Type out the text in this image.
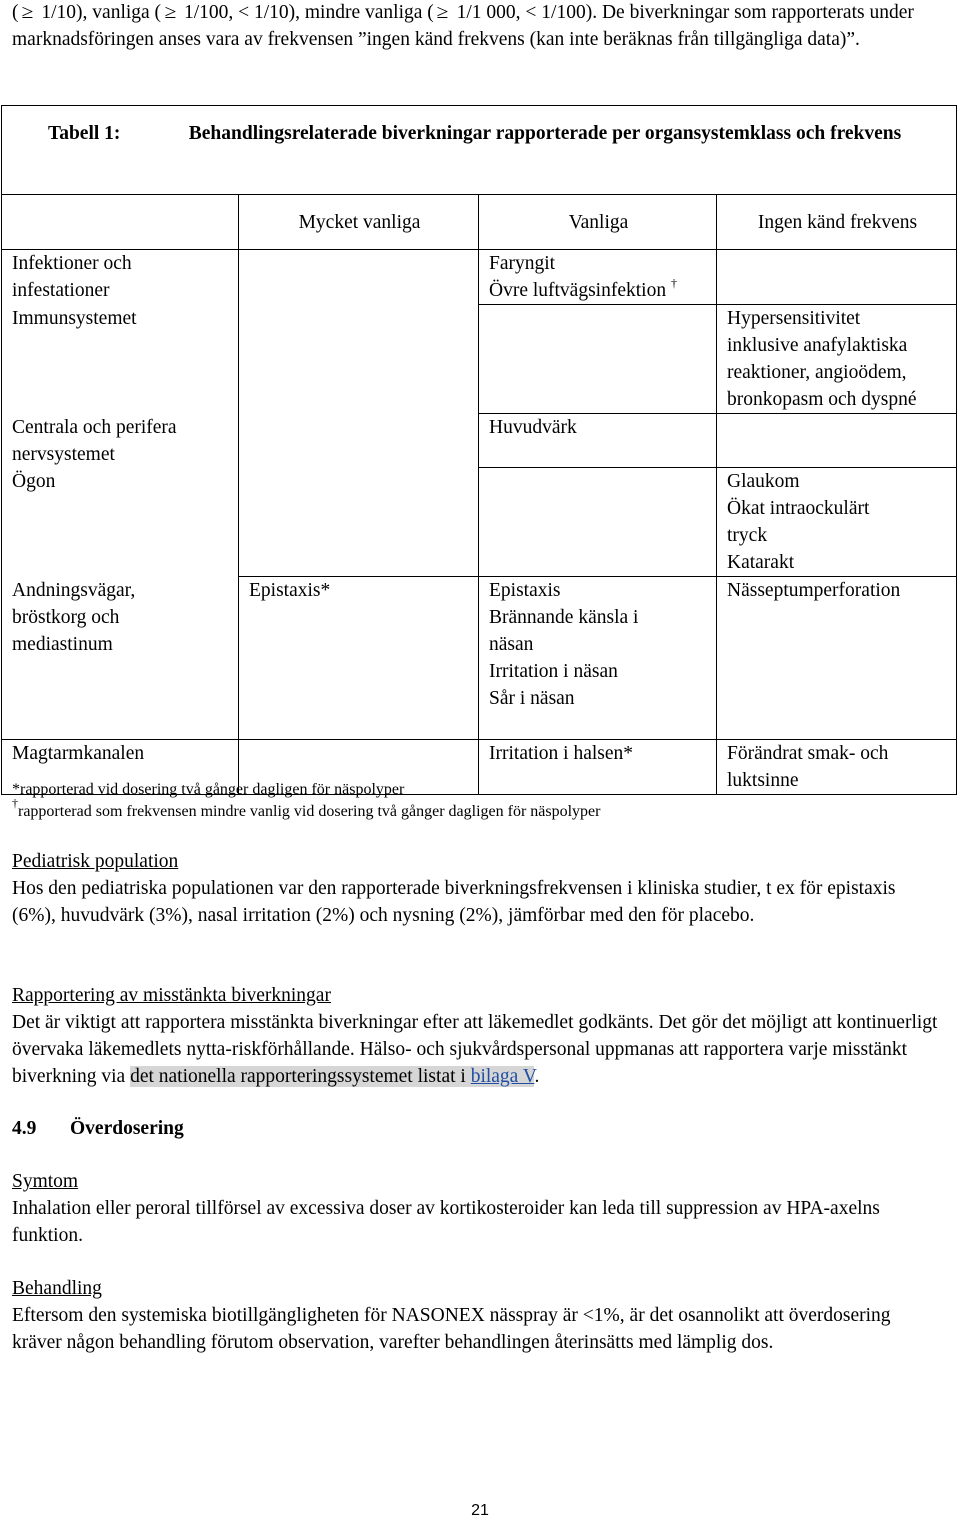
( ≥ 1/10), vanliga ( ≥ 1/100, < 1/10), mindre vanliga ( ≥ 1/1 000, < 1/100). De biverkningar som rapporterats under marknadsföringen anses vara av frekvensen ”ingen känd frekvens (kan inte beräknas från tillgängliga data)”.

	Mycket vanliga	Vanliga	Ingen känd frekvens

Infektioner och
infestationer		Faryngit
Övre luftvägsinfektion †

Immunsystemet			Hypersensitivitet
inklusive anafylaktiska
reaktioner, angioödem,
bronkopasm och dyspné

Centrala och perifera
nervsystemet		Huvudvärk	

Ögon			Glaukom
Ökat intraockulärt
tryck
Katarakt

Andningsvägar,
bröstkorg och
mediastinum	Epistaxis*	Epistaxis
Brännande känsla i
näsan
Irritation i näsan
Sår i näsan	Nässeptumperforation

Magtarmkanalen		Irritation i halsen*	Förändrat smak- och
luktsinne
Tabell 1:	Behandlingsrelaterade biverkningar rapporterade per organsystemklass och frekvens
*rapporterad vid dosering två gånger dagligen för näspolyper
†rapporterad som frekvensen mindre vanlig vid dosering två gånger dagligen för näspolyper
Pediatrisk population
Hos den pediatriska populationen var den rapporterade biverkningsfrekvensen i kliniska studier, t ex för epistaxis (6%), huvudvärk (3%), nasal irritation (2%) och nysning (2%), jämförbar med den för placebo.
Rapportering av misstänkta biverkningar
Det är viktigt att rapportera misstänkta biverkningar efter att läkemedlet godkänts. Det gör det möjligt att kontinuerligt övervaka läkemedlets nytta-riskförhållande. Hälso- och sjukvårdspersonal uppmanas att rapportera varje misstänkt biverkning via det nationella rapporteringssystemet listat i bilaga V.
4.9 Överdosering
Symtom
Inhalation eller peroral tillförsel av excessiva doser av kortikosteroider kan leda till suppression av HPA-axelns funktion.
Behandling
Eftersom den systemiska biotillgängligheten för NASONEX nässpray är <1%, är det osannolikt att överdosering kräver någon behandling förutom observation, varefter behandlingen återinsätts med lämplig dos.
21
